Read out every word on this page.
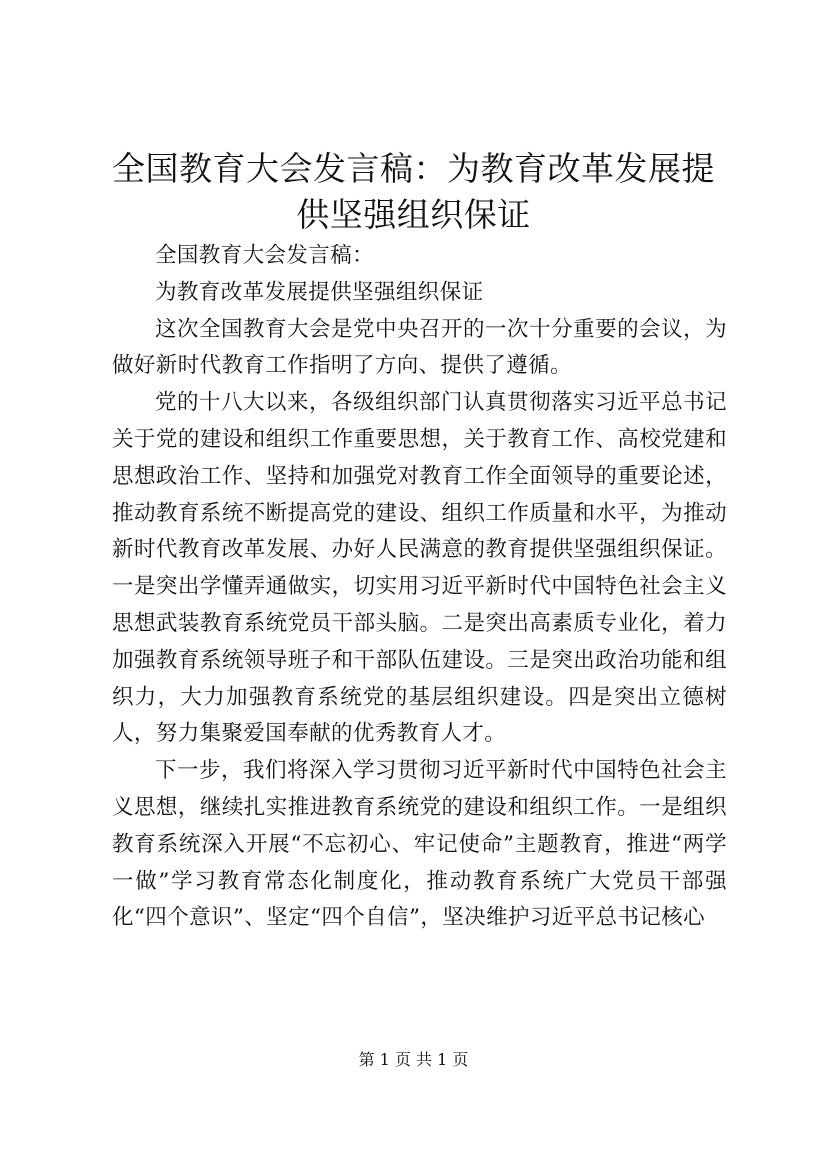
全国教育大会发言稿：为教育改革发展提供坚强组织保证

全国教育大会发言稿：

为教育改革发展提供坚强组织保证

这次全国教育大会是党中央召开的一次十分重要的会议，为做好新时代教育工作指明了方向、提供了遵循。

党的十八大以来，各级组织部门认真贯彻落实习近平总书记关于党的建设和组织工作重要思想，关于教育工作、高校党建和思想政治工作、坚持和加强党对教育工作全面领导的重要论述，推动教育系统不断提高党的建设、组织工作质量和水平，为推动新时代教育改革发展、办好人民满意的教育提供坚强组织保证。一是突出学懂弄通做实，切实用习近平新时代中国特色社会主义思想武装教育系统党员干部头脑。二是突出高素质专业化，着力加强教育系统领导班子和干部队伍建设。三是突出政治功能和组织力，大力加强教育系统党的基层组织建设。四是突出立德树人，努力集聚爱国奉献的优秀教育人才。

下一步，我们将深入学习贯彻习近平新时代中国特色社会主义思想，继续扎实推进教育系统党的建设和组织工作。一是组织教育系统深入开展“不忘初心、牢记使命”主题教育，推进“两学一做”学习教育常态化制度化，推动教育系统广大党员干部强化“四个意识”、坚定“四个自信”，坚决维护习近平总书记核心

第 1 页 共 1 页
